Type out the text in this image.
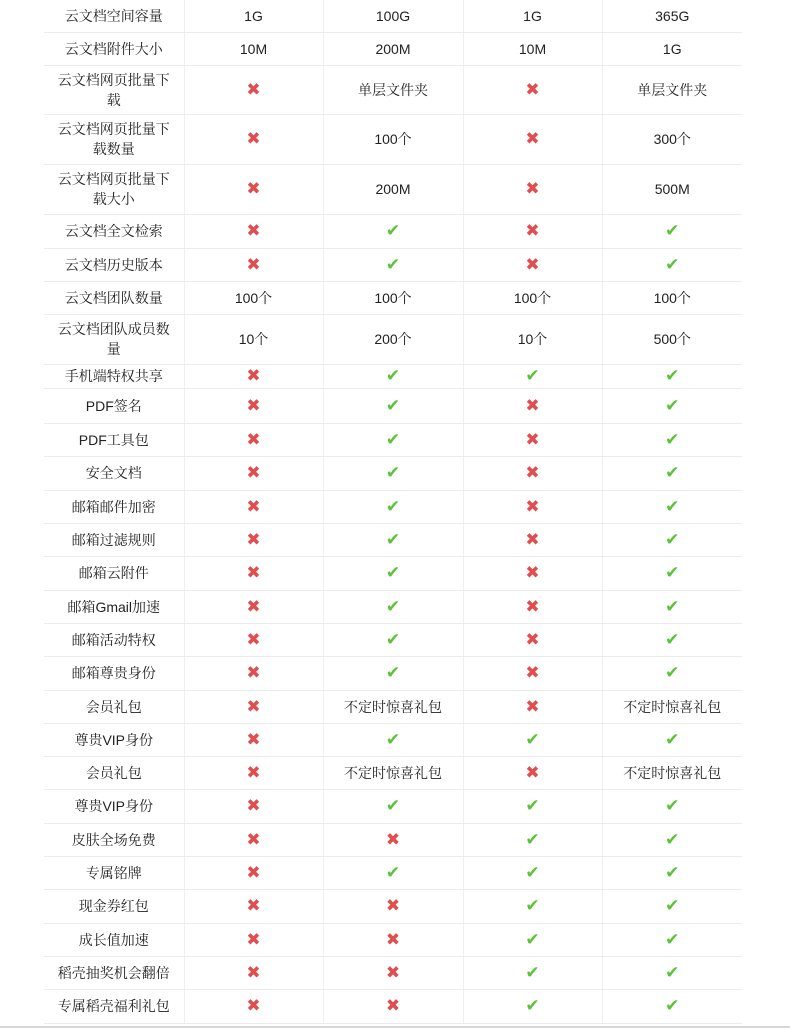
云文档空间容量	1G	100G	1G	365G
云文档附件大小	10M	200M	10M	1G
云文档网页批量下载	✖	单层文件夹	✖	单层文件夹
云文档网页批量下载数量	✖	100个	✖	300个
云文档网页批量下载大小	✖	200M	✖	500M
云文档全文检索	✖	✔	✖	✔
云文档历史版本	✖	✔	✖	✔
云文档团队数量	100个	100个	100个	100个
云文档团队成员数量	10个	200个	10个	500个
手机端特权共享	✖	✔	✔	✔
PDF签名	✖	✔	✖	✔
PDF工具包	✖	✔	✖	✔
安全文档	✖	✔	✖	✔
邮箱邮件加密	✖	✔	✖	✔
邮箱过滤规则	✖	✔	✖	✔
邮箱云附件	✖	✔	✖	✔
邮箱Gmail加速	✖	✔	✖	✔
邮箱活动特权	✖	✔	✖	✔
邮箱尊贵身份	✖	✔	✖	✔
会员礼包	✖	不定时惊喜礼包	✖	不定时惊喜礼包
尊贵VIP身份	✖	✔	✔	✔
会员礼包	✖	不定时惊喜礼包	✖	不定时惊喜礼包
尊贵VIP身份	✖	✔	✔	✔
皮肤全场免费	✖	✖	✔	✔
专属铭牌	✖	✔	✔	✔
现金券红包	✖	✖	✔	✔
成长值加速	✖	✖	✔	✔
稻壳抽奖机会翻倍	✖	✖	✔	✔
专属稻壳福利礼包	✖	✖	✔	✔
